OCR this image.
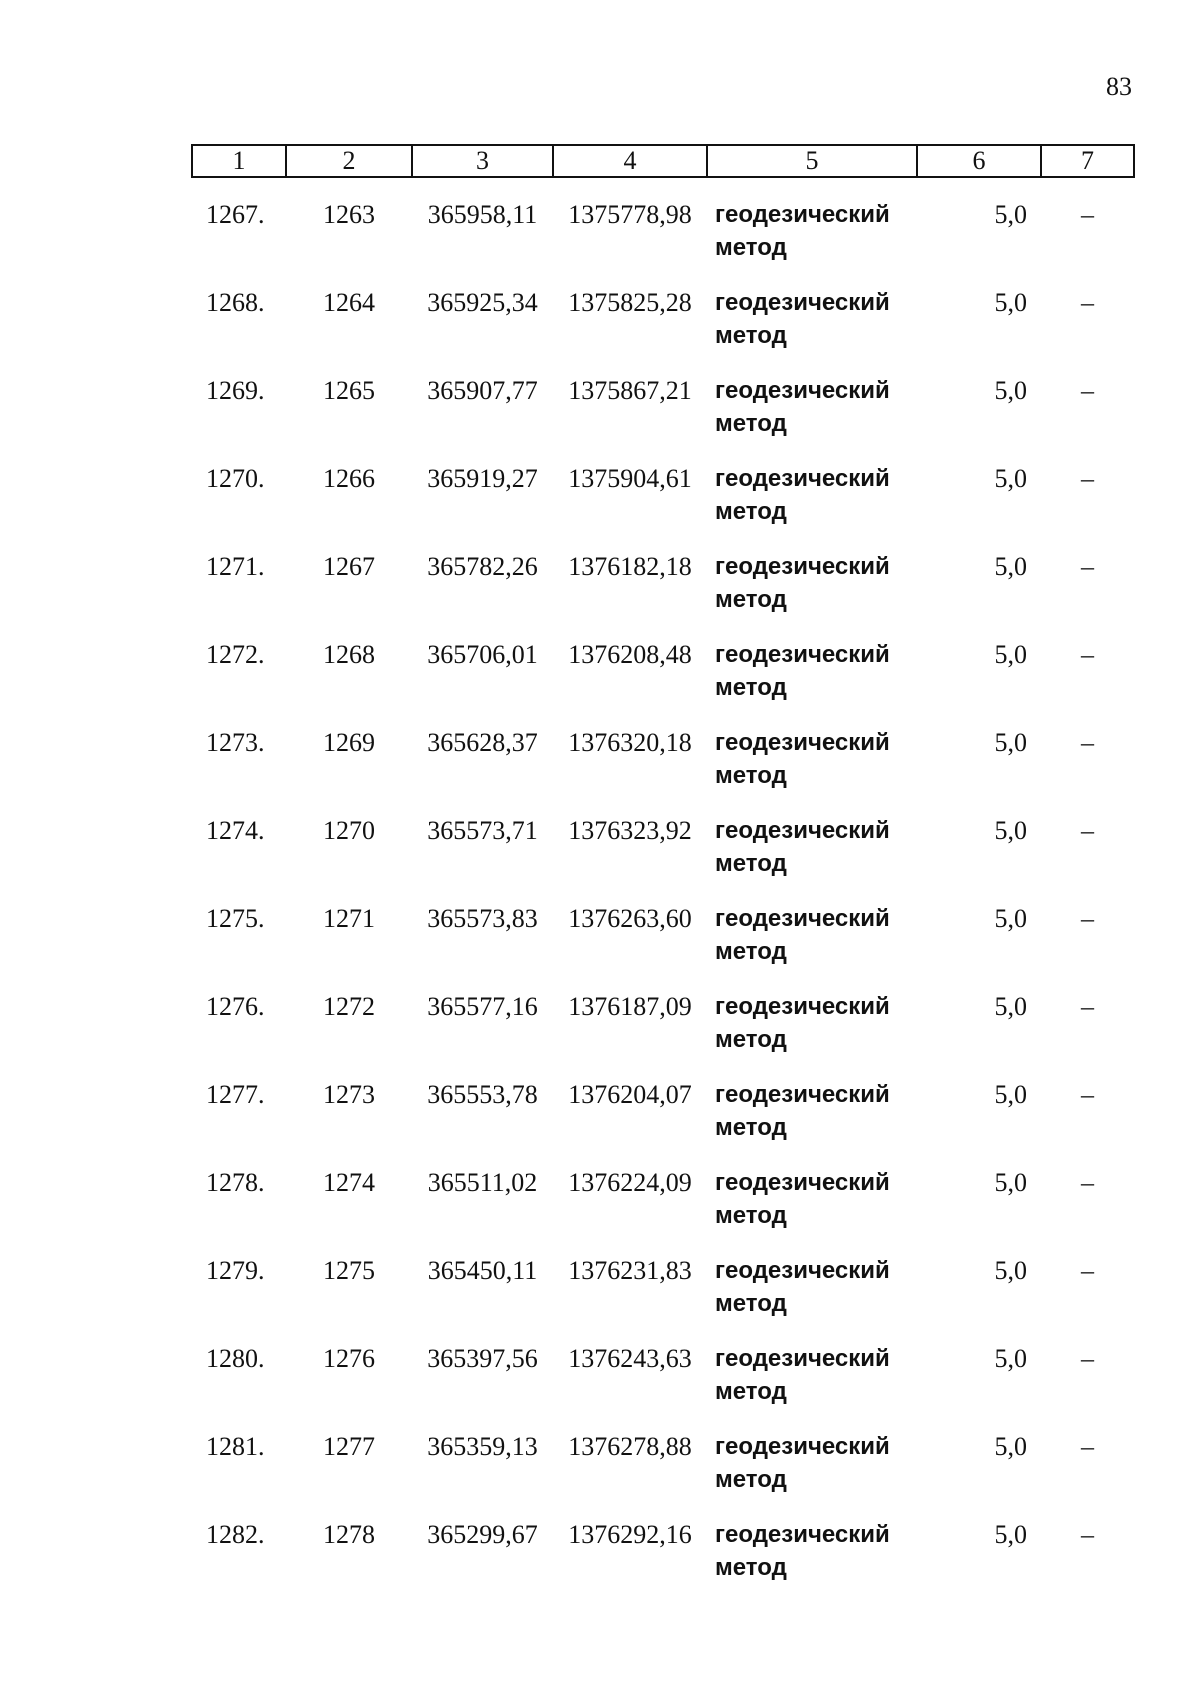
83
1	2	3	4	5	6	7
1267.	1263	365958,11	1375778,98	геодезический метод	5,0	–
1268.	1264	365925,34	1375825,28	геодезический метод	5,0	–
1269.	1265	365907,77	1375867,21	геодезический метод	5,0	–
1270.	1266	365919,27	1375904,61	геодезический метод	5,0	–
1271.	1267	365782,26	1376182,18	геодезический метод	5,0	–
1272.	1268	365706,01	1376208,48	геодезический метод	5,0	–
1273.	1269	365628,37	1376320,18	геодезический метод	5,0	–
1274.	1270	365573,71	1376323,92	геодезический метод	5,0	–
1275.	1271	365573,83	1376263,60	геодезический метод	5,0	–
1276.	1272	365577,16	1376187,09	геодезический метод	5,0	–
1277.	1273	365553,78	1376204,07	геодезический метод	5,0	–
1278.	1274	365511,02	1376224,09	геодезический метод	5,0	–
1279.	1275	365450,11	1376231,83	геодезический метод	5,0	–
1280.	1276	365397,56	1376243,63	геодезический метод	5,0	–
1281.	1277	365359,13	1376278,88	геодезический метод	5,0	–
1282.	1278	365299,67	1376292,16	геодезический метод	5,0	–
